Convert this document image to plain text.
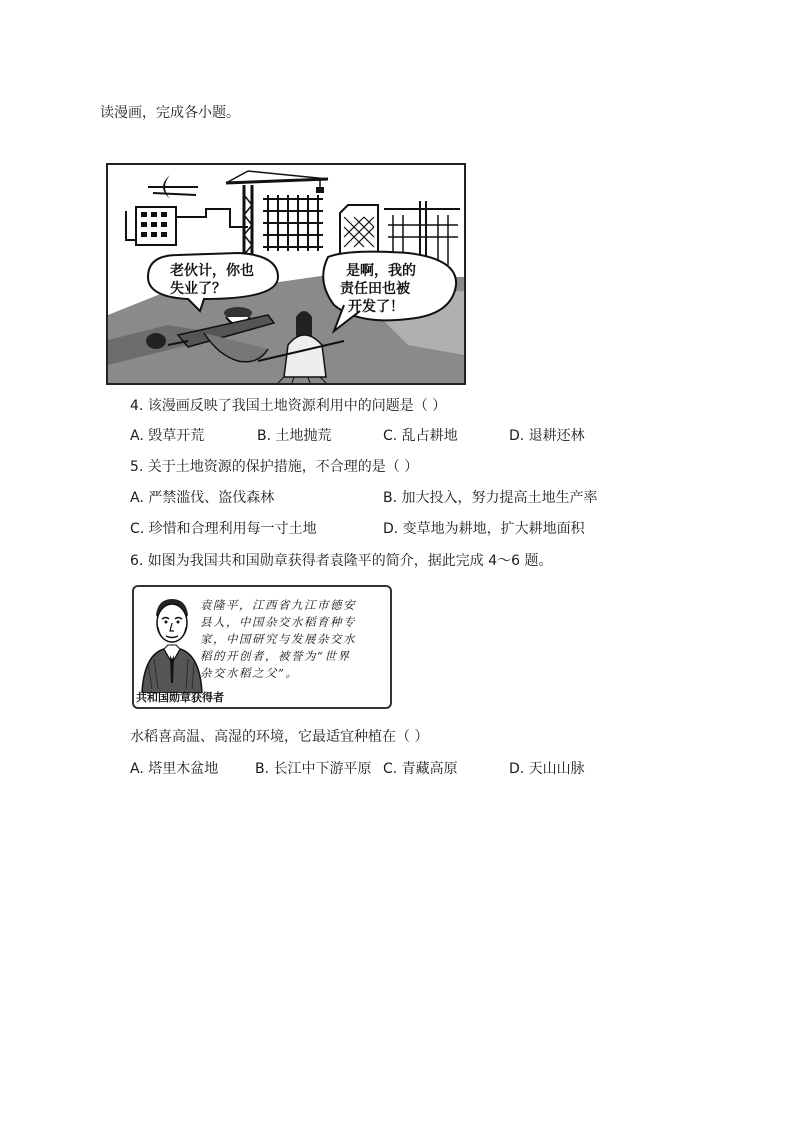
读漫画，完成各小题。
老伙计，你也
失业了？
是啊，我的
责任田也被
开发了！
4. 该漫画反映了我国土地资源利用中的问题是（ ）
A. 毁草开荒	B. 土地抛荒	C. 乱占耕地	D. 退耕还林
5. 关于土地资源的保护措施，不合理的是（ ）
A. 严禁滥伐、盗伐森林	B. 加大投入，努力提高土地生产率
C. 珍惜和合理利用每一寸土地	D. 变草地为耕地，扩大耕地面积
6. 如图为我国共和国勋章获得者袁隆平的简介，据此完成 4～6 题。
袁隆平，江西省九江市德安
县人，中国杂交水稻育种专
家，中国研究与发展杂交水
稻的开创者，被誉为“世界
杂交水稻之父”。
共和国勋章获得者
水稻喜高温、高湿的环境，它最适宜种植在（ ）
A. 塔里木盆地	B. 长江中下游平原 C. 青藏高原	D. 天山山脉
